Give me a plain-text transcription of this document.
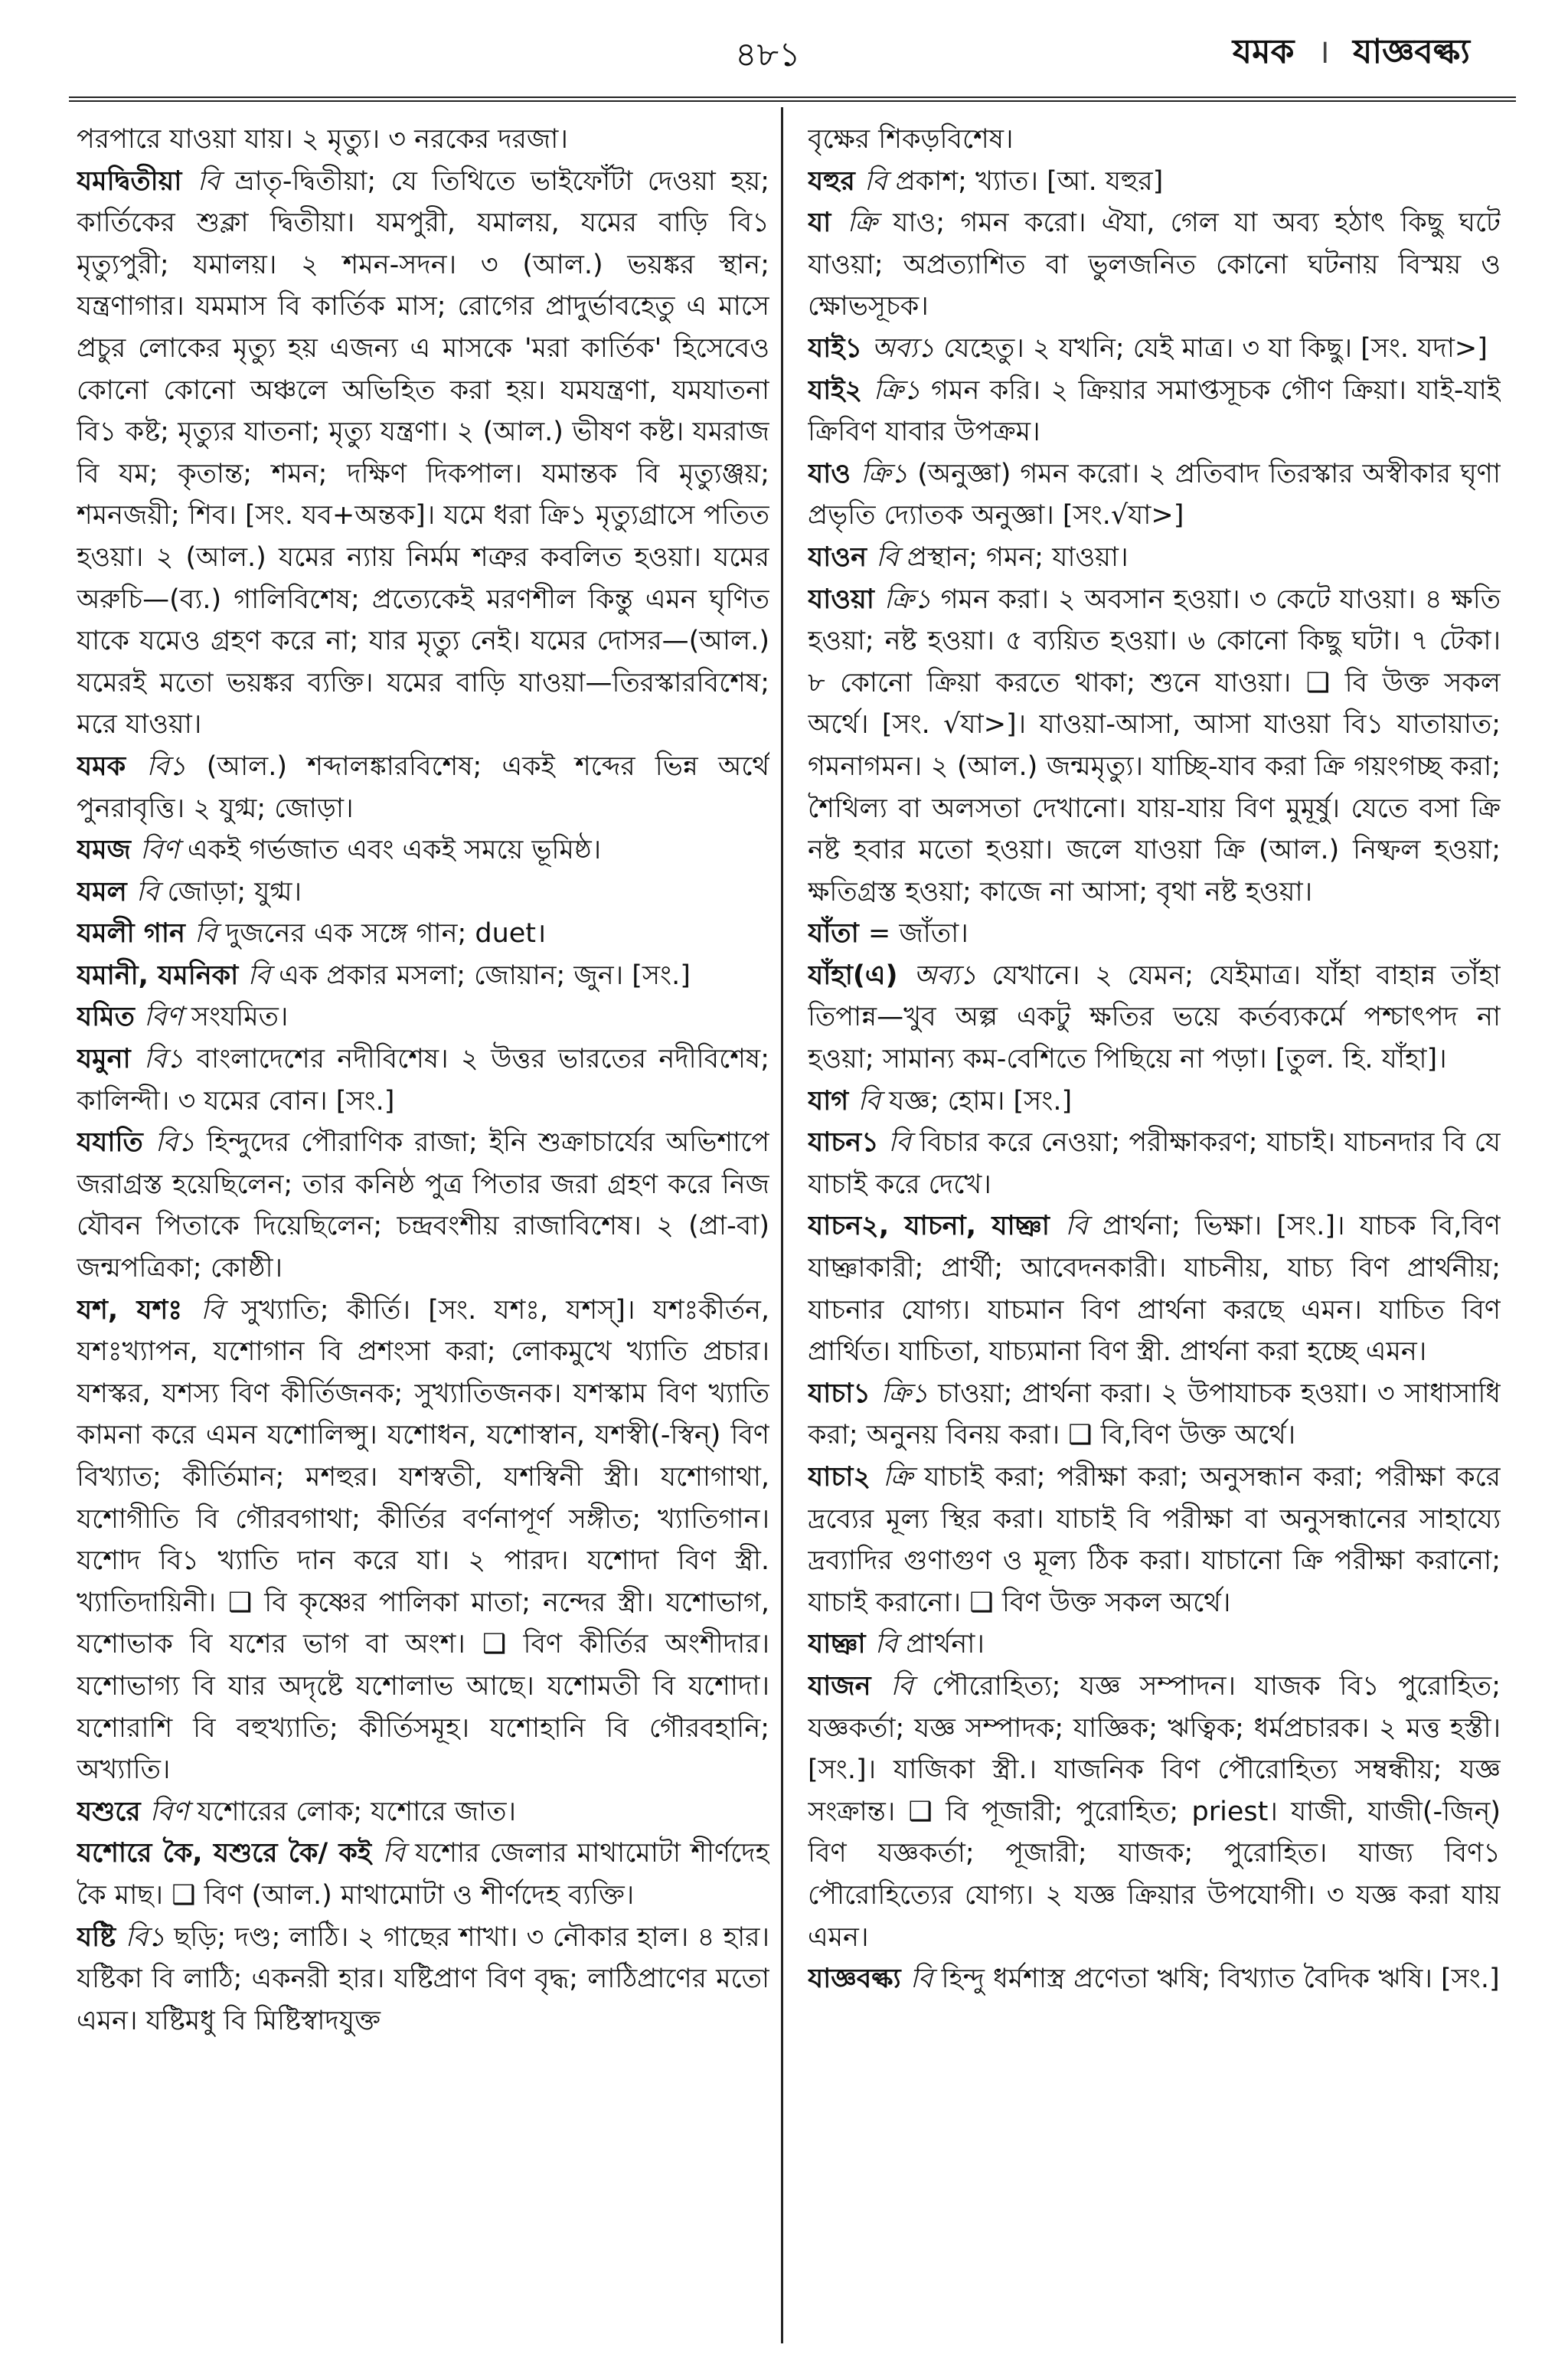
৪৮১	যমক । যাজ্ঞবল্ক্য

পরপারে যাওয়া যায়। ২ মৃত্যু। ৩ নরকের দরজা।

যমদ্বিতীয়া বি ভ্রাতৃ-দ্বিতীয়া; যে তিথিতে ভাইফোঁটা দেওয়া হয়; কার্তিকের শুক্লা দ্বিতীয়া। যমপুরী, যমালয়, যমের বাড়ি বি১ মৃত্যুপুরী; যমালয়। ২ শমন-সদন। ৩ (আল.) ভয়ঙ্কর স্থান; যন্ত্রণাগার। যমমাস বি কার্তিক মাস; রোগের প্রাদুর্ভাবহেতু এ মাসে প্রচুর লোকের মৃত্যু হয় এজন্য এ মাসকে 'মরা কার্তিক' হিসেবেও কোনো কোনো অঞ্চলে অভিহিত করা হয়। যমযন্ত্রণা, যমযাতনা বি১ কষ্ট; মৃত্যুর যাতনা; মৃত্যু যন্ত্রণা। ২ (আল.) ভীষণ কষ্ট। যমরাজ বি যম; কৃতান্ত; শমন; দক্ষিণ দিকপাল। যমান্তক বি মৃত্যুঞ্জয়; শমনজয়ী; শিব। [সং. যব+অন্তক]। যমে ধরা ক্রি১ মৃত্যুগ্রাসে পতিত হওয়া। ২ (আল.) যমের ন্যায় নির্মম শত্রুর কবলিত হওয়া। যমের অরুচি—(ব্য.) গালিবিশেষ; প্রত্যেকেই মরণশীল কিন্তু এমন ঘৃণিত যাকে যমেও গ্রহণ করে না; যার মৃত্যু নেই। যমের দোসর—(আল.) যমেরই মতো ভয়ঙ্কর ব্যক্তি। যমের বাড়ি যাওয়া—তিরস্কারবিশেষ; মরে যাওয়া।

যমক বি১ (আল.) শব্দালঙ্কারবিশেষ; একই শব্দের ভিন্ন অর্থে পুনরাবৃত্তি। ২ যুগ্ম; জোড়া।

যমজ বিণ একই গর্ভজাত এবং একই সময়ে ভূমিষ্ঠ।

যমল বি জোড়া; যুগ্ম।

যমলী গান বি দুজনের এক সঙ্গে গান; duet।

যমানী, যমনিকা বি এক প্রকার মসলা; জোয়ান; জুন। [সং.]

যমিত বিণ সংযমিত।

যমুনা বি১ বাংলাদেশের নদীবিশেষ। ২ উত্তর ভারতের নদীবিশেষ; কালিন্দী। ৩ যমের বোন। [সং.]

যযাতি বি১ হিন্দুদের পৌরাণিক রাজা; ইনি শুক্রাচার্যের অভিশাপে জরাগ্রস্ত হয়েছিলেন; তার কনিষ্ঠ পুত্র পিতার জরা গ্রহণ করে নিজ যৌবন পিতাকে দিয়েছিলেন; চন্দ্রবংশীয় রাজাবিশেষ। ২ (প্রা-বা) জন্মপত্রিকা; কোষ্ঠী।

যশ, যশঃ বি সুখ্যাতি; কীর্তি। [সং. যশঃ, যশস্]। যশঃকীর্তন, যশঃখ্যাপন, যশোগান বি প্রশংসা করা; লোকমুখে খ্যাতি প্রচার। যশস্কর, যশস্য বিণ কীর্তিজনক; সুখ্যাতিজনক। যশস্কাম বিণ খ্যাতি কামনা করে এমন যশোলিপ্সু। যশোধন, যশোস্বান, যশস্বী(-স্বিন্) বিণ বিখ্যাত; কীর্তিমান; মশহুর। যশস্বতী, যশস্বিনী স্ত্রী। যশোগাথা, যশোগীতি বি গৌরবগাথা; কীর্তির বর্ণনাপূর্ণ সঙ্গীত; খ্যাতিগান। যশোদ বি১ খ্যাতি দান করে যা। ২ পারদ। যশোদা বিণ স্ত্রী. খ্যাতিদায়িনী। ❑ বি কৃষ্ণের পালিকা মাতা; নন্দের স্ত্রী। যশোভাগ, যশোভাক বি যশের ভাগ বা অংশ। ❑ বিণ কীর্তির অংশীদার। যশোভাগ্য বি যার অদৃষ্টে যশোলাভ আছে। যশোমতী বি যশোদা। যশোরাশি বি বহুখ্যাতি; কীর্তিসমূহ। যশোহানি বি গৌরবহানি; অখ্যাতি।

যশুরে বিণ যশোরের লোক; যশোরে জাত।

যশোরে কৈ, যশুরে কৈ/ কই বি যশোর জেলার মাথামোটা শীর্ণদেহ কৈ মাছ। ❑ বিণ (আল.) মাথামোটা ও শীর্ণদেহ ব্যক্তি।

যষ্টি বি১ ছড়ি; দণ্ড; লাঠি। ২ গাছের শাখা। ৩ নৌকার হাল। ৪ হার। যষ্টিকা বি লাঠি; একনরী হার। যষ্টিপ্রাণ বিণ বৃদ্ধ; লাঠিপ্রাণের মতো এমন। যষ্টিমধু বি মিষ্টিস্বাদযুক্ত

বৃক্ষের শিকড়বিশেষ।

যহুর বি প্রকাশ; খ্যাত। [আ. যহুর]

যা ক্রি যাও; গমন করো। ঐযা, গেল যা অব্য হঠাৎ কিছু ঘটে যাওয়া; অপ্রত্যাশিত বা ভুলজনিত কোনো ঘটনায় বিস্ময় ও ক্ষোভসূচক।

যাই১ অব্য১ যেহেতু। ২ যখনি; যেই মাত্র। ৩ যা কিছু। [সং. যদা>]

যাই২ ক্রি১ গমন করি। ২ ক্রিয়ার সমাপ্তসূচক গৌণ ক্রিয়া। যাই-যাই ক্রিবিণ যাবার উপক্রম।

যাও ক্রি১ (অনুজ্ঞা) গমন করো। ২ প্রতিবাদ তিরস্কার অস্বীকার ঘৃণা প্রভৃতি দ্যোতক অনুজ্ঞা। [সং.√যা>]

যাওন বি প্রস্থান; গমন; যাওয়া।

যাওয়া ক্রি১ গমন করা। ২ অবসান হওয়া। ৩ কেটে যাওয়া। ৪ ক্ষতি হওয়া; নষ্ট হওয়া। ৫ ব্যয়িত হওয়া। ৬ কোনো কিছু ঘটা। ৭ টেকা। ৮ কোনো ক্রিয়া করতে থাকা; শুনে যাওয়া। ❑ বি উক্ত সকল অর্থে। [সং. √যা>]। যাওয়া-আসা, আসা যাওয়া বি১ যাতায়াত; গমনাগমন। ২ (আল.) জন্মমৃত্যু। যাচ্ছি-যাব করা ক্রি গয়ংগচ্ছ করা; শৈথিল্য বা অলসতা দেখানো। যায়-যায় বিণ মুমূর্ষু। যেতে বসা ক্রি নষ্ট হবার মতো হওয়া। জলে যাওয়া ক্রি (আল.) নিষ্ফল হওয়া; ক্ষতিগ্রস্ত হওয়া; কাজে না আসা; বৃথা নষ্ট হওয়া।

যাঁতা = জাঁতা।

যাঁহা(এ) অব্য১ যেখানে। ২ যেমন; যেইমাত্র। যাঁহা বাহান্ন তাঁহা তিপান্ন—খুব অল্প একটু ক্ষতির ভয়ে কর্তব্যকর্মে পশ্চাৎপদ না হওয়া; সামান্য কম-বেশিতে পিছিয়ে না পড়া। [তুল. হি. যাঁহা]।

যাগ বি যজ্ঞ; হোম। [সং.]

যাচন১ বি বিচার করে নেওয়া; পরীক্ষাকরণ; যাচাই। যাচনদার বি যে যাচাই করে দেখে।

যাচন২, যাচনা, যাচ্ঞা বি প্রার্থনা; ভিক্ষা। [সং.]। যাচক বি,বিণ যাচ্ঞাকারী; প্রার্থী; আবেদনকারী। যাচনীয়, যাচ্য বিণ প্রার্থনীয়; যাচনার যোগ্য। যাচমান বিণ প্রার্থনা করছে এমন। যাচিত বিণ প্রার্থিত। যাচিতা, যাচ্যমানা বিণ স্ত্রী. প্রার্থনা করা হচ্ছে এমন।

যাচা১ ক্রি১ চাওয়া; প্রার্থনা করা। ২ উপাযাচক হওয়া। ৩ সাধাসাধি করা; অনুনয় বিনয় করা। ❑ বি,বিণ উক্ত অর্থে।

যাচা২ ক্রি যাচাই করা; পরীক্ষা করা; অনুসন্ধান করা; পরীক্ষা করে দ্রব্যের মূল্য স্থির করা। যাচাই বি পরীক্ষা বা অনুসন্ধানের সাহায্যে দ্রব্যাদির গুণাগুণ ও মূল্য ঠিক করা। যাচানো ক্রি পরীক্ষা করানো; যাচাই করানো। ❑ বিণ উক্ত সকল অর্থে।

যাচ্ঞা বি প্রার্থনা।

যাজন বি পৌরোহিত্য; যজ্ঞ সম্পাদন। যাজক বি১ পুরোহিত; যজ্ঞকর্তা; যজ্ঞ সম্পাদক; যাজ্ঞিক; ঋত্বিক; ধর্মপ্রচারক। ২ মত্ত হস্তী। [সং.]। যাজিকা স্ত্রী.। যাজনিক বিণ পৌরোহিত্য সম্বন্ধীয়; যজ্ঞ সংক্রান্ত। ❑ বি পূজারী; পুরোহিত; priest। যাজী, যাজী(-জিন্) বিণ যজ্ঞকর্তা; পূজারী; যাজক; পুরোহিত। যাজ্য বিণ১ পৌরোহিত্যের যোগ্য। ২ যজ্ঞ ক্রিয়ার উপযোগী। ৩ যজ্ঞ করা যায় এমন।

যাজ্ঞবল্ক্য বি হিন্দু ধর্মশাস্ত্র প্রণেতা ঋষি; বিখ্যাত বৈদিক ঋষি। [সং.]
